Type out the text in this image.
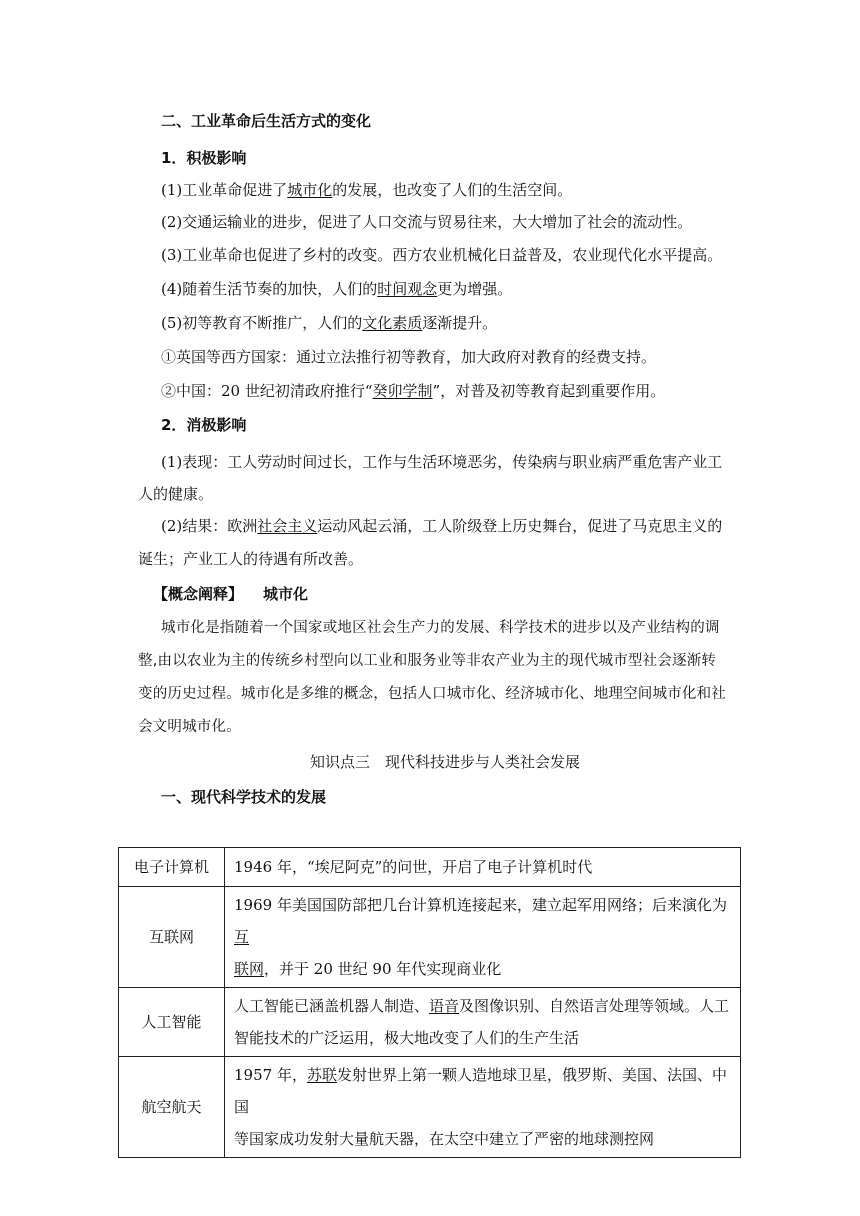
二、工业革命后生活方式的变化
1．积极影响
(1)工业革命促进了城市化的发展，也改变了人们的生活空间。
(2)交通运输业的进步，促进了人口交流与贸易往来，大大增加了社会的流动性。
(3)工业革命也促进了乡村的改变。西方农业机械化日益普及，农业现代化水平提高。
(4)随着生活节奏的加快，人们的时间观念更为增强。
(5)初等教育不断推广，人们的文化素质逐渐提升。
①英国等西方国家：通过立法推行初等教育，加大政府对教育的经费支持。
②中国：20 世纪初清政府推行“癸卯学制”，对普及初等教育起到重要作用。
2．消极影响
(1)表现：工人劳动时间过长，工作与生活环境恶劣，传染病与职业病严重危害产业工
人的健康。
(2)结果：欧洲社会主义运动风起云涌，工人阶级登上历史舞台，促进了马克思主义的
诞生；产业工人的待遇有所改善。
【概念阐释】 城市化
城市化是指随着一个国家或地区社会生产力的发展、科学技术的进步以及产业结构的调
整,由以农业为主的传统乡村型向以工业和服务业等非农产业为主的现代城市型社会逐渐转
变的历史过程。城市化是多维的概念，包括人口城市化、经济城市化、地理空间城市化和社
会文明城市化。
知识点三　现代科技进步与人类社会发展
一、现代科学技术的发展
电子计算机	1946 年，“埃尼阿克”的问世，开启了电子计算机时代
互联网	1969 年美国国防部把几台计算机连接起来，建立起军用网络；后来演化为互
联网，并于 20 世纪 90 年代实现商业化

人工智能	人工智能已涵盖机器人制造、语音及图像识别、自然语言处理等领域。人工
智能技术的广泛运用，极大地改变了人们的生产生活

航空航天	1957 年，苏联发射世界上第一颗人造地球卫星，俄罗斯、美国、法国、中国
等国家成功发射大量航天器，在太空中建立了严密的地球测控网
